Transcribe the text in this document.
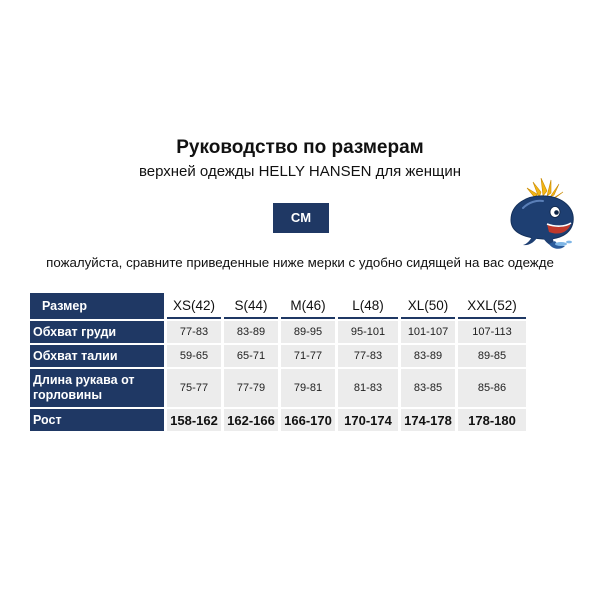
Руководство по размерам
верхней одежды HELLY HANSEN для женщин
CM
пожалуйста, сравните приведенные ниже мерки с удобно сидящей на вас одежде
Размер	XS(42)	S(44)	M(46)	L(48)	XL(50)	XXL(52)
Обхват груди	77-83	83-89	89-95	95-101	101-107	107-113
Обхват талии	59-65	65-71	71-77	77-83	83-89	89-85
Длина рукава от горловины	75-77	77-79	79-81	81-83	83-85	85-86
Рост	158-162	162-166	166-170	170-174	174-178	178-180
